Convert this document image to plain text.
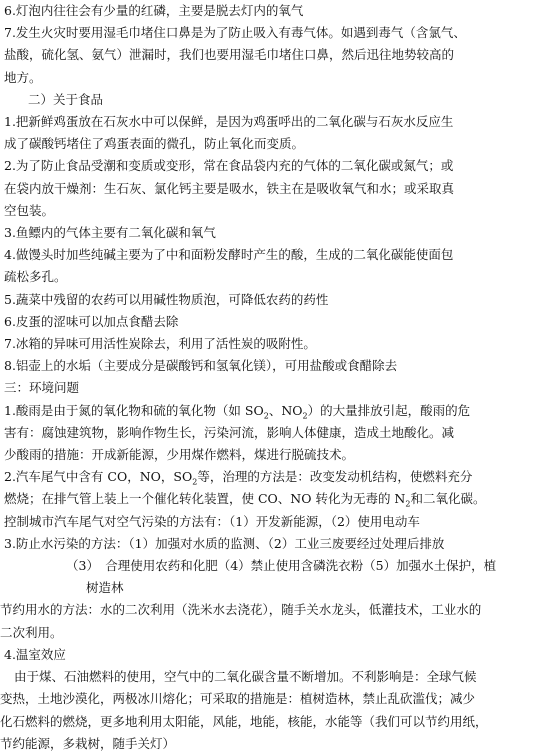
6.灯泡内往往会有少量的红磷，主要是脱去灯内的氧气

7.发生火灾时要用湿毛巾堵住口鼻是为了防止吸入有毒气体。如遇到毒气（含氯气、

盐酸，硫化氢、氨气）泄漏时，我们也要用湿毛巾堵住口鼻，然后迅往地势较高的

地方。

二）关于食品

1.把新鲜鸡蛋放在石灰水中可以保鲜，是因为鸡蛋呼出的二氧化碳与石灰水反应生

成了碳酸钙堵住了鸡蛋表面的微孔，防止氧化而变质。

2.为了防止食品受潮和变质或变形，常在食品袋内充的气体的二氧化碳或氮气；或

在袋内放干燥剂：生石灰、氯化钙主要是吸水，铁主在是吸收氧气和水；或采取真

空包装。

3.鱼鳔内的气体主要有二氧化碳和氧气

4.做馒头时加些纯碱主要为了中和面粉发酵时产生的酸，生成的二氧化碳能使面包

疏松多孔。

5.蔬菜中残留的农药可以用碱性物质泡，可降低农药的药性

6.皮蛋的涩味可以加点食醋去除

7.冰箱的异味可用活性炭除去，利用了活性炭的吸附性。

8.铝壶上的水垢（主要成分是碳酸钙和氢氧化镁），可用盐酸或食醋除去

三：环境问题

1.酸雨是由于氮的氧化物和硫的氧化物（如 $SO_2$、$NO_2$）的大量排放引起，酸雨的危

害有：腐蚀建筑物，影响作物生长，污染河流，影响人体健康，造成土地酸化。减

少酸雨的措施：开成新能源，少用煤作燃料，煤进行脱硫技术。

2.汽车尾气中含有 CO，NO，$SO_2$等，治理的方法是：改变发动机结构，使燃料充分

燃烧；在排气管上装上一个催化转化装置，使 CO、NO 转化为无毒的 $N_2$和二氧化碳。

控制城市汽车尾气对空气污染的方法有：（1）开发新能源，（2）使用电动车

3.防止水污染的方法：（1）加强对水质的监测、（2）工业三废要经过处理后排放

（3）　合理使用农药和化肥（4）禁止使用含磷洗衣粉（5）加强水土保护，植

树造林

节约用水的方法：水的二次利用（洗米水去浇花），随手关水龙头，低灌技术，工业水的

二次利用。

4.温室效应

由于煤、石油燃料的使用，空气中的二氧化碳含量不断增加。不利影响是：全球气候

变热，土地沙漠化，两极冰川熔化；可采取的措施是：植树造林，禁止乱砍滥伐；减少

化石燃料的燃烧，更多地利用太阳能，风能，地能，核能，水能等（我们可以节约用纸，

节约能源，多栽树，随手关灯）
